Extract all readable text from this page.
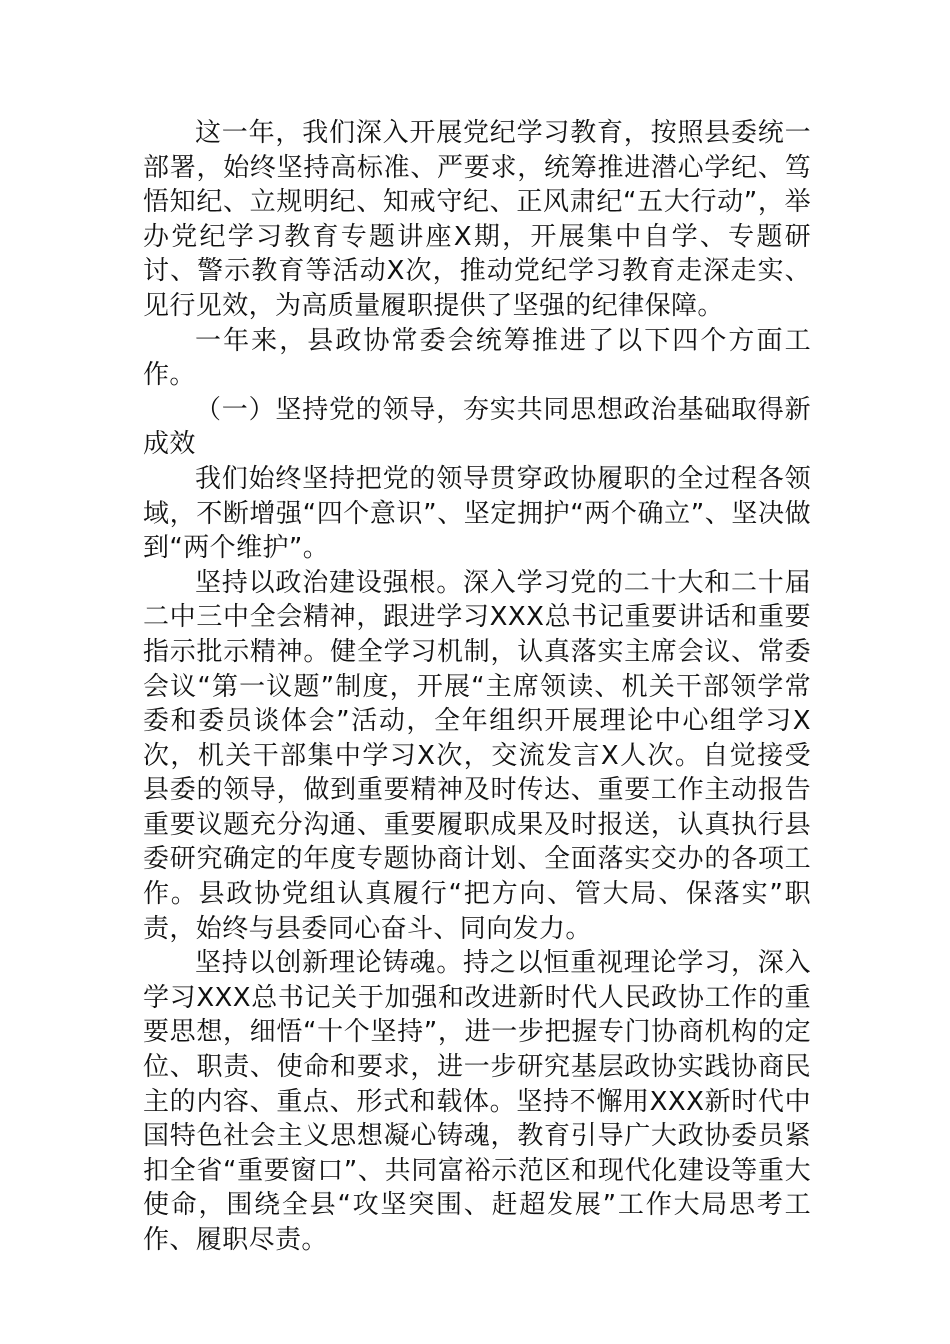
这一年，我们深入开展党纪学习教育，按照县委统一部署，始终坚持高标准、严要求，统筹推进潜心学纪、笃悟知纪、立规明纪、知戒守纪、正风肃纪“五大行动”，举办党纪学习教育专题讲座X期，开展集中自学、专题研讨、警示教育等活动X次，推动党纪学习教育走深走实、见行见效，为高质量履职提供了坚强的纪律保障。

一年来，县政协常委会统筹推进了以下四个方面工作。

（一）坚持党的领导，夯实共同思想政治基础取得新成效

我们始终坚持把党的领导贯穿政协履职的全过程各领域，不断增强“四个意识”、坚定拥护“两个确立”、坚决做到“两个维护”。

坚持以政治建设强根。深入学习党的二十大和二十届二中三中全会精神，跟进学习XXX总书记重要讲话和重要指示批示精神。健全学习机制，认真落实主席会议、常委会议“第一议题”制度，开展“主席领读、机关干部领学常委和委员谈体会”活动，全年组织开展理论中心组学习X次，机关干部集中学习X次，交流发言X人次。自觉接受县委的领导，做到重要精神及时传达、重要工作主动报告重要议题充分沟通、重要履职成果及时报送，认真执行县委研究确定的年度专题协商计划、全面落实交办的各项工作。县政协党组认真履行“把方向、管大局、保落实”职责，始终与县委同心奋斗、同向发力。

坚持以创新理论铸魂。持之以恒重视理论学习，深入学习XXX总书记关于加强和改进新时代人民政协工作的重要思想，细悟“十个坚持”，进一步把握专门协商机构的定位、职责、使命和要求，进一步研究基层政协实践协商民主的内容、重点、形式和载体。坚持不懈用XXX新时代中国特色社会主义思想凝心铸魂，教育引导广大政协委员紧扣全省“重要窗口”、共同富裕示范区和现代化建设等重大使命，围绕全县“攻坚突围、赶超发展”工作大局思考工作、履职尽责。
